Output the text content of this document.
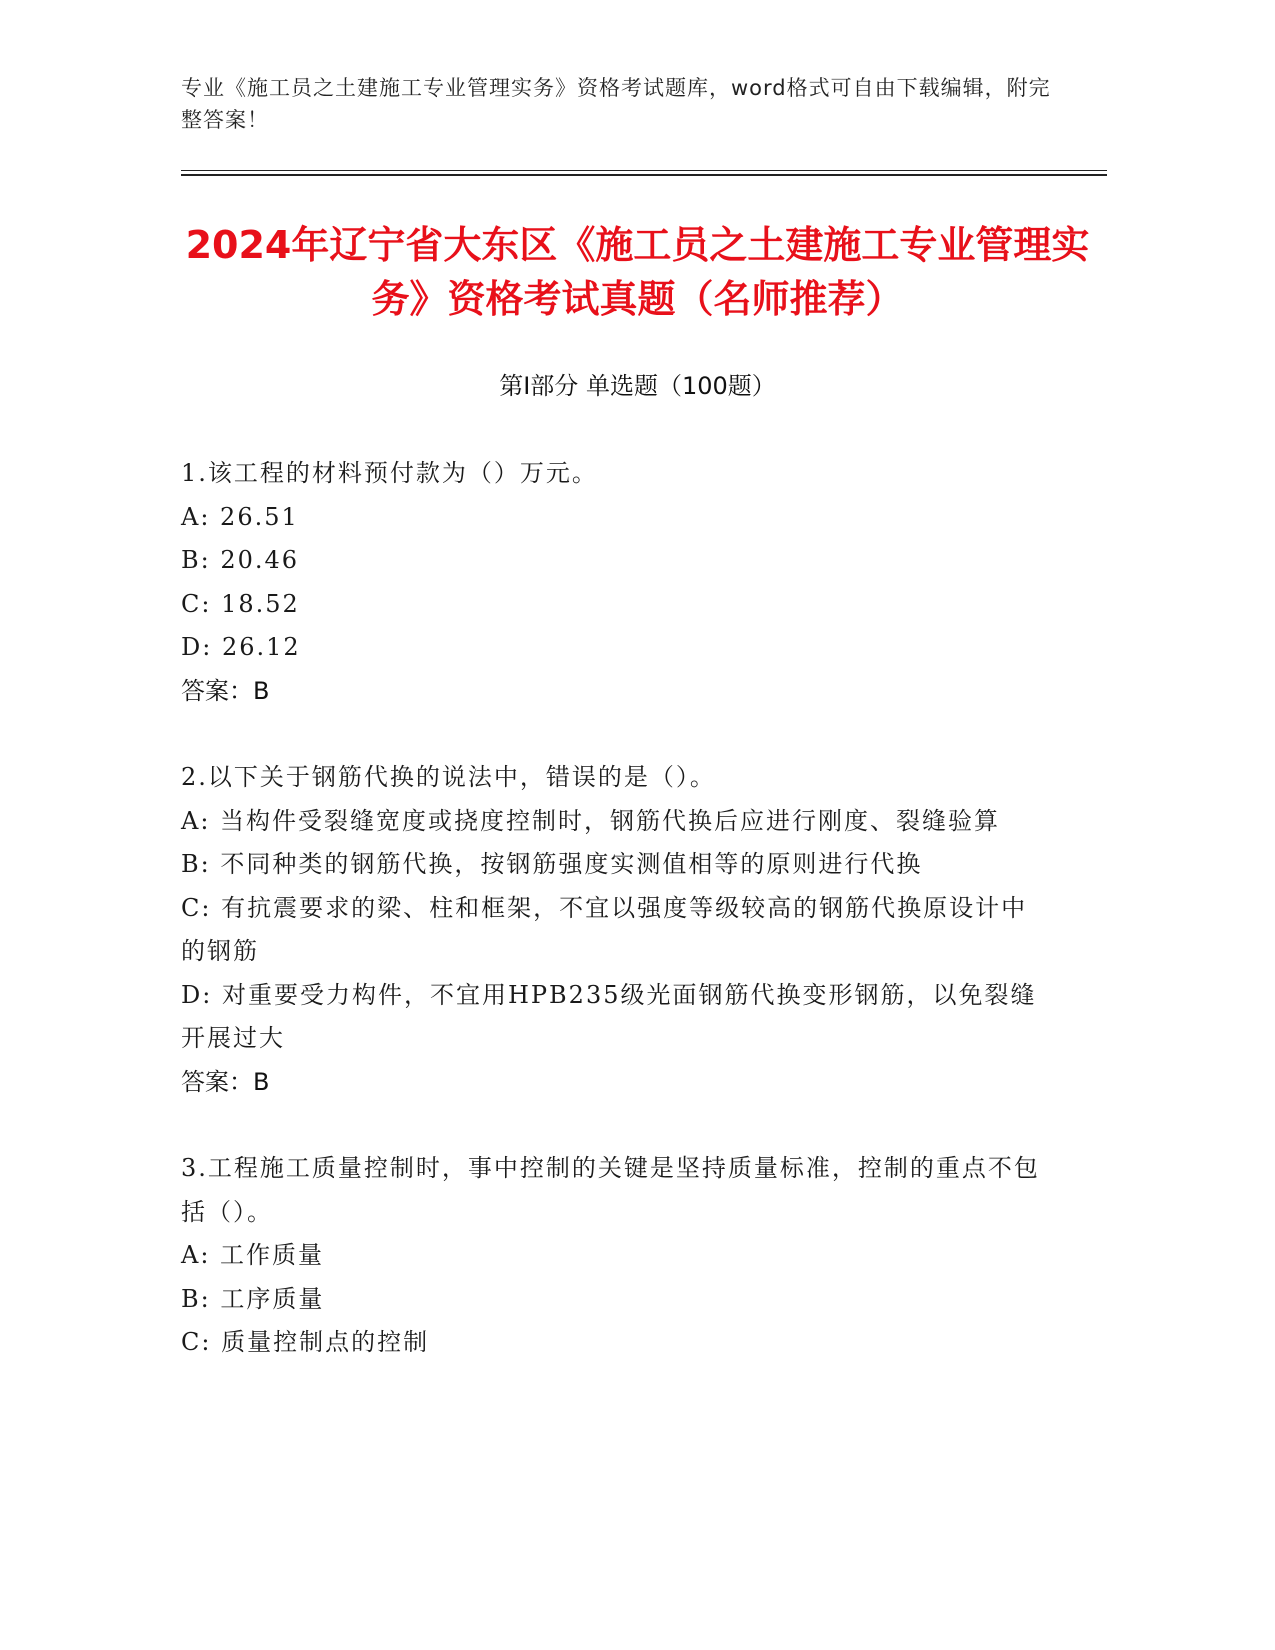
专业《施工员之土建施工专业管理实务》资格考试题库，word格式可自由下载编辑，附完整答案！
2024年辽宁省大东区《施工员之土建施工专业管理实务》资格考试真题（名师推荐）
第Ⅰ部分 单选题（100题）
1.该工程的材料预付款为（）万元。
A: 26.51
B: 20.46
C: 18.52
D: 26.12
答案：B
2.以下关于钢筋代换的说法中，错误的是（）。
A: 当构件受裂缝宽度或挠度控制时，钢筋代换后应进行刚度、裂缝验算
B: 不同种类的钢筋代换，按钢筋强度实测值相等的原则进行代换
C: 有抗震要求的梁、柱和框架，不宜以强度等级较高的钢筋代换原设计中的钢筋
D: 对重要受力构件，不宜用HPB235级光面钢筋代换变形钢筋，以免裂缝开展过大
答案：B
3.工程施工质量控制时，事中控制的关键是坚持质量标准，控制的重点不包括（）。
A: 工作质量
B: 工序质量
C: 质量控制点的控制
